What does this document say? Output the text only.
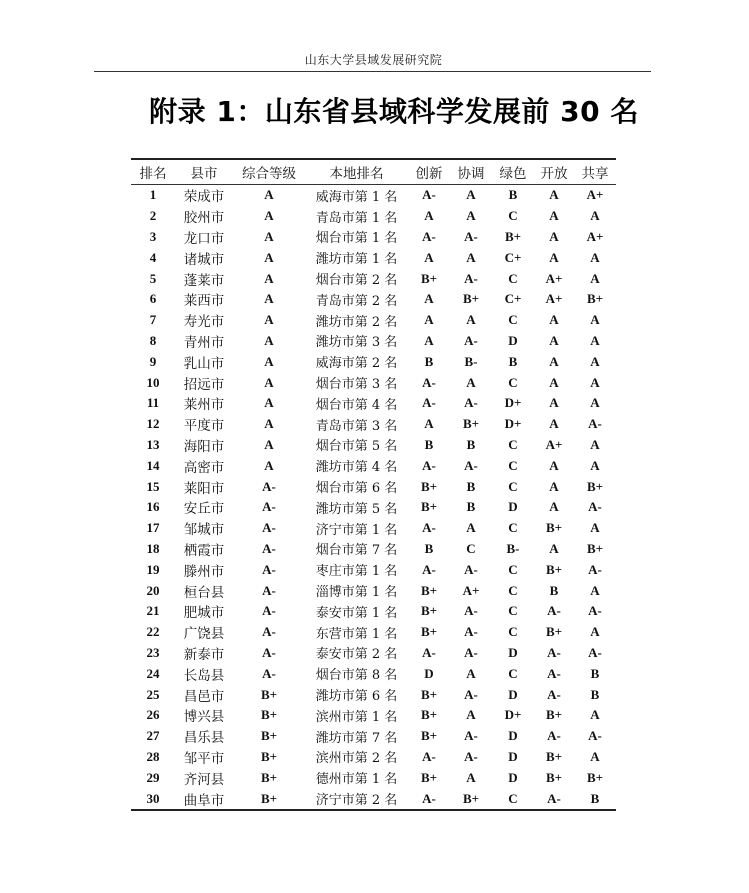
山东大学县域发展研究院
附录 1：山东省县域科学发展前 30 名
排名	县市	综合等级	本地排名	创新	协调	绿色	开放	共享
1	荣成市	A	威海市第 1 名	A-	A	B	A	A+
2	胶州市	A	青岛市第 1 名	A	A	C	A	A
3	龙口市	A	烟台市第 1 名	A-	A-	B+	A	A+
4	诸城市	A	潍坊市第 1 名	A	A	C+	A	A
5	蓬莱市	A	烟台市第 2 名	B+	A-	C	A+	A
6	莱西市	A	青岛市第 2 名	A	B+	C+	A+	B+
7	寿光市	A	潍坊市第 2 名	A	A	C	A	A
8	青州市	A	潍坊市第 3 名	A	A-	D	A	A
9	乳山市	A	威海市第 2 名	B	B-	B	A	A
10	招远市	A	烟台市第 3 名	A-	A	C	A	A
11	莱州市	A	烟台市第 4 名	A-	A-	D+	A	A
12	平度市	A	青岛市第 3 名	A	B+	D+	A	A-
13	海阳市	A	烟台市第 5 名	B	B	C	A+	A
14	高密市	A	潍坊市第 4 名	A-	A-	C	A	A
15	莱阳市	A-	烟台市第 6 名	B+	B	C	A	B+
16	安丘市	A-	潍坊市第 5 名	B+	B	D	A	A-
17	邹城市	A-	济宁市第 1 名	A-	A	C	B+	A
18	栖霞市	A-	烟台市第 7 名	B	C	B-	A	B+
19	滕州市	A-	枣庄市第 1 名	A-	A-	C	B+	A-
20	桓台县	A-	淄博市第 1 名	B+	A+	C	B	A
21	肥城市	A-	泰安市第 1 名	B+	A-	C	A-	A-
22	广饶县	A-	东营市第 1 名	B+	A-	C	B+	A
23	新泰市	A-	泰安市第 2 名	A-	A-	D	A-	A-
24	长岛县	A-	烟台市第 8 名	D	A	C	A-	B
25	昌邑市	B+	潍坊市第 6 名	B+	A-	D	A-	B
26	博兴县	B+	滨州市第 1 名	B+	A	D+	B+	A
27	昌乐县	B+	潍坊市第 7 名	B+	A-	D	A-	A-
28	邹平市	B+	滨州市第 2 名	A-	A-	D	B+	A
29	齐河县	B+	德州市第 1 名	B+	A	D	B+	B+
30	曲阜市	B+	济宁市第 2 名	A-	B+	C	A-	B
